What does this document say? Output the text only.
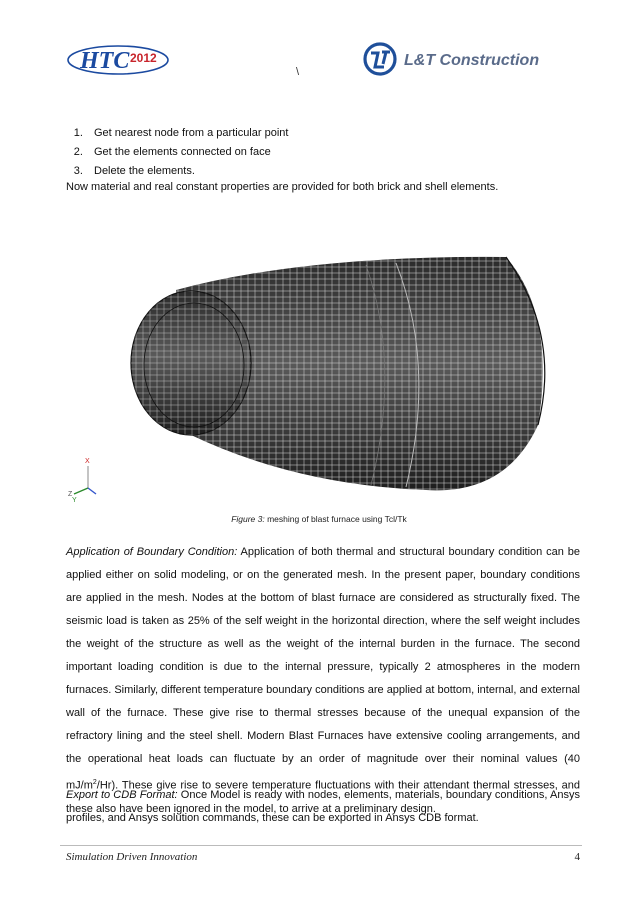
HTC 2012
\
L&T Construction
1. Get nearest node from a particular point
2. Get the elements connected on face
3. Delete the elements.
Now material and real constant properties are provided for both brick and shell elements.
X
Z
Y
Figure 3: meshing of blast furnace using Tcl/Tk
Application of Boundary Condition: Application of both thermal and structural boundary condition can be applied either on solid modeling, or on the generated mesh. In the present paper, boundary conditions are applied in the mesh. Nodes at the bottom of blast furnace are considered as structurally fixed. The seismic load is taken as 25% of the self weight in the horizontal direction, where the self weight includes the weight of the structure as well as the weight of the internal burden in the furnace. The second important loading condition is due to the internal pressure, typically 2 atmospheres in the modern furnaces. Similarly, different temperature boundary conditions are applied at bottom, internal, and external wall of the furnace. These give rise to thermal stresses because of the unequal expansion of the refractory lining and the steel shell. Modern Blast Furnaces have extensive cooling arrangements, and the operational heat loads can fluctuate by an order of magnitude over their nominal values (40 $mJ/m^2/Hr$). These give rise to severe temperature fluctuations with their attendant thermal stresses, and these also have been ignored in the model, to arrive at a preliminary design.
Export to CDB Format: Once Model is ready with nodes, elements, materials, boundary conditions, Ansys profiles, and Ansys solution commands, these can be exported in Ansys CDB format.
Simulation Driven Innovation	4
